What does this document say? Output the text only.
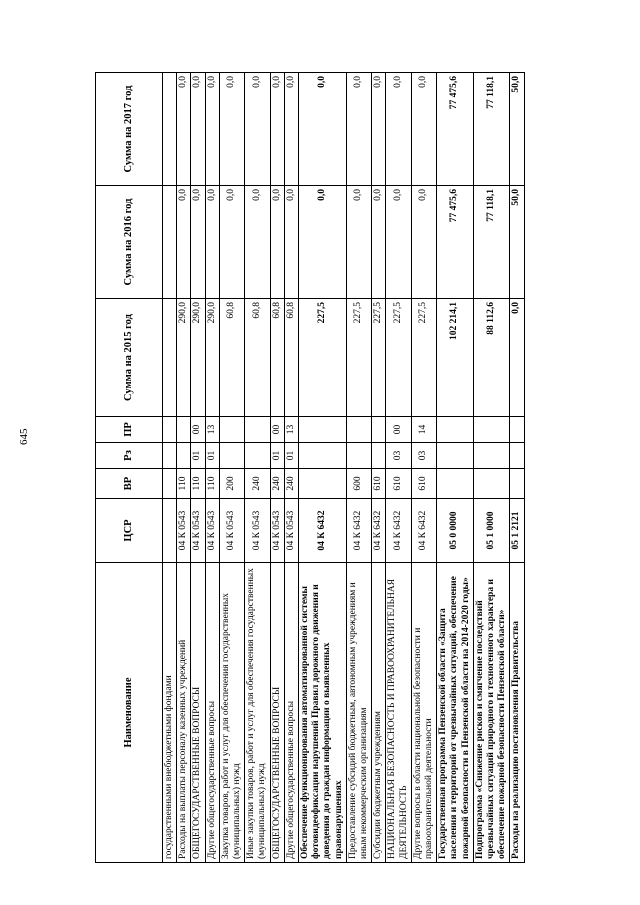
645
Наименование	ЦСР	ВР	Рз	ПР	Сумма на 2015 год	Сумма на 2016 год	Сумма на 2017 год
государственными внебюджетными фондами							
Расходы на выплаты персоналу казенных учреждений	04 К 0543	110			290,0	0,0	0,0
ОБЩЕГОСУДАРСТВЕННЫЕ ВОПРОСЫ	04 К 0543	110	01	00	290,0	0,0	0,0
Другие общегосударственные вопросы	04 К 0543	110	01	13	290,0	0,0	0,0
Закупка товаров, работ и услуг для обеспечения государственных (муниципальных) нужд	04 К 0543	200			60,8	0,0	0,0
Иные закупки товаров, работ и услуг для обеспечения государственных (муниципальных) нужд	04 К 0543	240			60,8	0,0	0,0
ОБЩЕГОСУДАРСТВЕННЫЕ ВОПРОСЫ	04 К 0543	240	01	00	60,8	0,0	0,0
Другие общегосударственные вопросы	04 К 0543	240	01	13	60,8	0,0	0,0
Обеспечение функционирования автоматизированной системы фотовидеофиксации нарушений Правил дорожного движения и доведения до граждан информации о выявленных правонарушениях	04 К 6432				227,5	0,0	0,0
Предоставление субсидий бюджетным, автономным учреждениям и иным некоммерческим организациям	04 К 6432	600			227,5	0,0	0,0
Субсидии бюджетным учреждениям	04 К 6432	610			227,5	0,0	0,0
НАЦИОНАЛЬНАЯ БЕЗОПАСНОСТЬ И ПРАВООХРАНИТЕЛЬНАЯ ДЕЯТЕЛЬНОСТЬ	04 К 6432	610	03	00	227,5	0,0	0,0
Другие вопросы в области национальной безопасности и правоохранительной деятельности	04 К 6432	610	03	14	227,5	0,0	0,0
Государственная программа Пензенской области «Защита населения и территорий от чрезвычайных ситуаций, обеспечение пожарной безопасности в Пензенской области на 2014-2020 годы»	05 0 0000				102 214,1	77 475,6	77 475,6
Подпрограмма «Снижение рисков и смягчение последствий чрезвычайных ситуаций природного и техногенного характера и обеспечение пожарной безопасности Пензенской области»	05 1 0000				88 112,6	77 118,1	77 118,1
Расходы на реализацию постановления Правительства	05 1 2121				0,0	50,0	50,0
